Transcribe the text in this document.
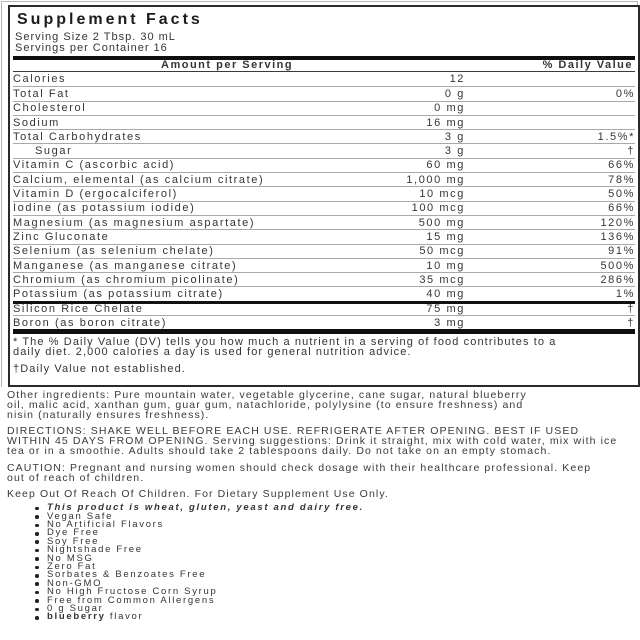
Supplement Facts
Serving Size 2 Tbsp. 30 mL
Servings per Container 16
Amount per Serving	% Daily Value
Calories	12
Total Fat	0 g	0%
Cholesterol	0 mg
Sodium	16 mg
Total Carbohydrates	3 g	1.5%*
Sugar	3 g	†
Vitamin C (ascorbic acid)	60 mg	66%
Calcium, elemental (as calcium citrate)	1,000 mg	78%
Vitamin D (ergocalciferol)	10 mcg	50%
Iodine (as potassium iodide)	100 mcg	66%
Magnesium (as magnesium aspartate)	500 mg	120%
Zinc Gluconate	15 mg	136%
Selenium (as selenium chelate)	50 mcg	91%
Manganese (as manganese citrate)	10 mg	500%
Chromium (as chromium picolinate)	35 mcg	286%
Potassium (as potassium citrate)	40 mg	1%
Silicon Rice Chelate	75 mg	†
Boron (as boron citrate)	3 mg	†
* The % Daily Value (DV) tells you how much a nutrient in a serving of food contributes to a daily diet. 2,000 calories a day is used for general nutrition advice.
†Daily Value not established.

Other ingredients: Pure mountain water, vegetable glycerine, cane sugar, natural blueberry oil, malic acid, xanthan gum, guar gum, natachloride, polylysine (to ensure freshness) and nisin (naturally ensures freshness).

DIRECTIONS: SHAKE WELL BEFORE EACH USE. REFRIGERATE AFTER OPENING. BEST IF USED WITHIN 45 DAYS FROM OPENING. Serving suggestions: Drink it straight, mix with cold water, mix with ice tea or in a smoothie. Adults should take 2 tablespoons daily. Do not take on an empty stomach.

CAUTION: Pregnant and nursing women should check dosage with their healthcare professional. Keep out of reach of children.

Keep Out Of Reach Of Children. For Dietary Supplement Use Only.

This product is wheat, gluten, yeast and dairy free.
Vegan Safe
No Artificial Flavors
Dye Free
Soy Free
Nightshade Free
No MSG
Zero Fat
Sorbates & Benzoates Free
Non-GMO
No High Fructose Corn Syrup
Free from Common Allergens
0 g Sugar
blueberry flavor
